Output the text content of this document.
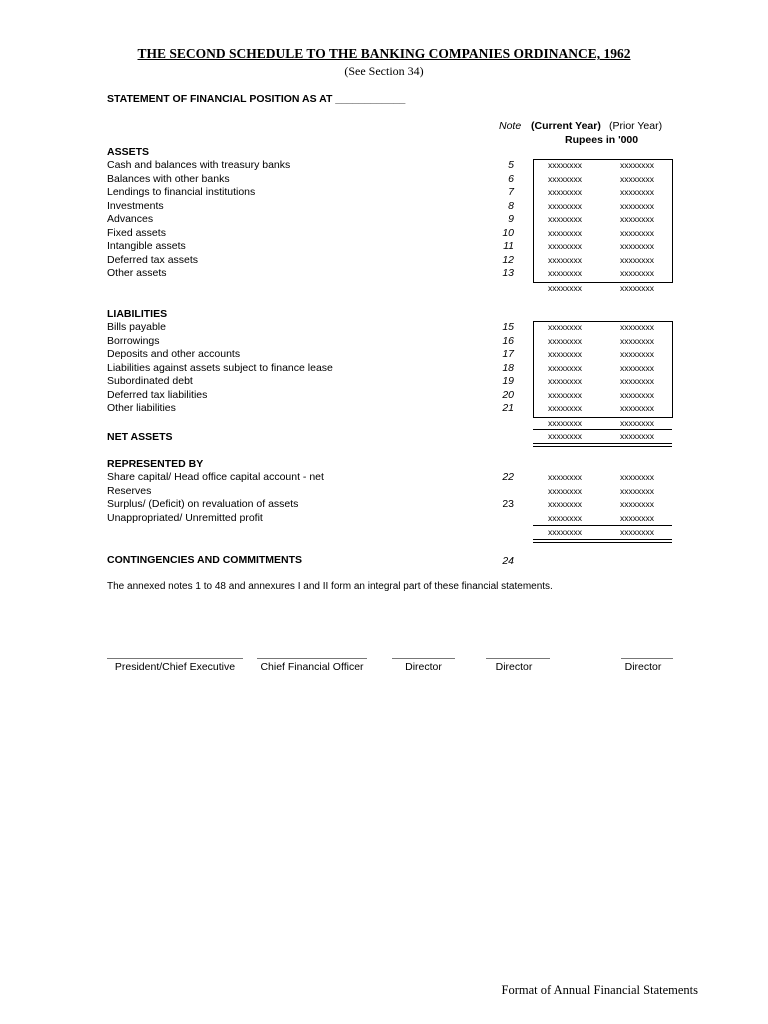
THE SECOND SCHEDULE TO THE BANKING COMPANIES ORDINANCE, 1962
(See Section 34)
STATEMENT OF FINANCIAL POSITION AS AT ____________
Note (Current Year) (Prior Year)
Rupees in '000
ASSETS
Cash and balances with treasury banks	5	xxxxxxxx	xxxxxxxx
Balances with other banks	6	xxxxxxxx	xxxxxxxx
Lendings to financial institutions	7	xxxxxxxx	xxxxxxxx
Investments	8	xxxxxxxx	xxxxxxxx
Advances	9	xxxxxxxx	xxxxxxxx
Fixed assets	10	xxxxxxxx	xxxxxxxx
Intangible assets	11	xxxxxxxx	xxxxxxxx
Deferred tax assets	12	xxxxxxxx	xxxxxxxx
Other assets	13	xxxxxxxx	xxxxxxxx
xxxxxxxx	xxxxxxxx
LIABILITIES
Bills payable	15	xxxxxxxx	xxxxxxxx
Borrowings	16	xxxxxxxx	xxxxxxxx
Deposits and other accounts	17	xxxxxxxx	xxxxxxxx
Liabilities against assets subject to finance lease	18	xxxxxxxx	xxxxxxxx
Subordinated debt	19	xxxxxxxx	xxxxxxxx
Deferred tax liabilities	20	xxxxxxxx	xxxxxxxx
Other liabilities	21	xxxxxxxx	xxxxxxxx
xxxxxxxx	xxxxxxxx
NET ASSETS	xxxxxxxx	xxxxxxxx
REPRESENTED BY
Share capital/ Head office capital account - net	22	xxxxxxxx	xxxxxxxx
Reserves	xxxxxxxx	xxxxxxxx
Surplus/ (Deficit) on revaluation of assets	23	xxxxxxxx	xxxxxxxx
Unappropriated/ Unremitted profit	xxxxxxxx	xxxxxxxx
xxxxxxxx	xxxxxxxx
CONTINGENCIES AND COMMITMENTS	24
The annexed notes 1 to 48 and annexures I and II form an integral part of these financial statements.
President/Chief Executive	Chief Financial Officer	Director	Director	Director
Format of Annual Financial Statements
